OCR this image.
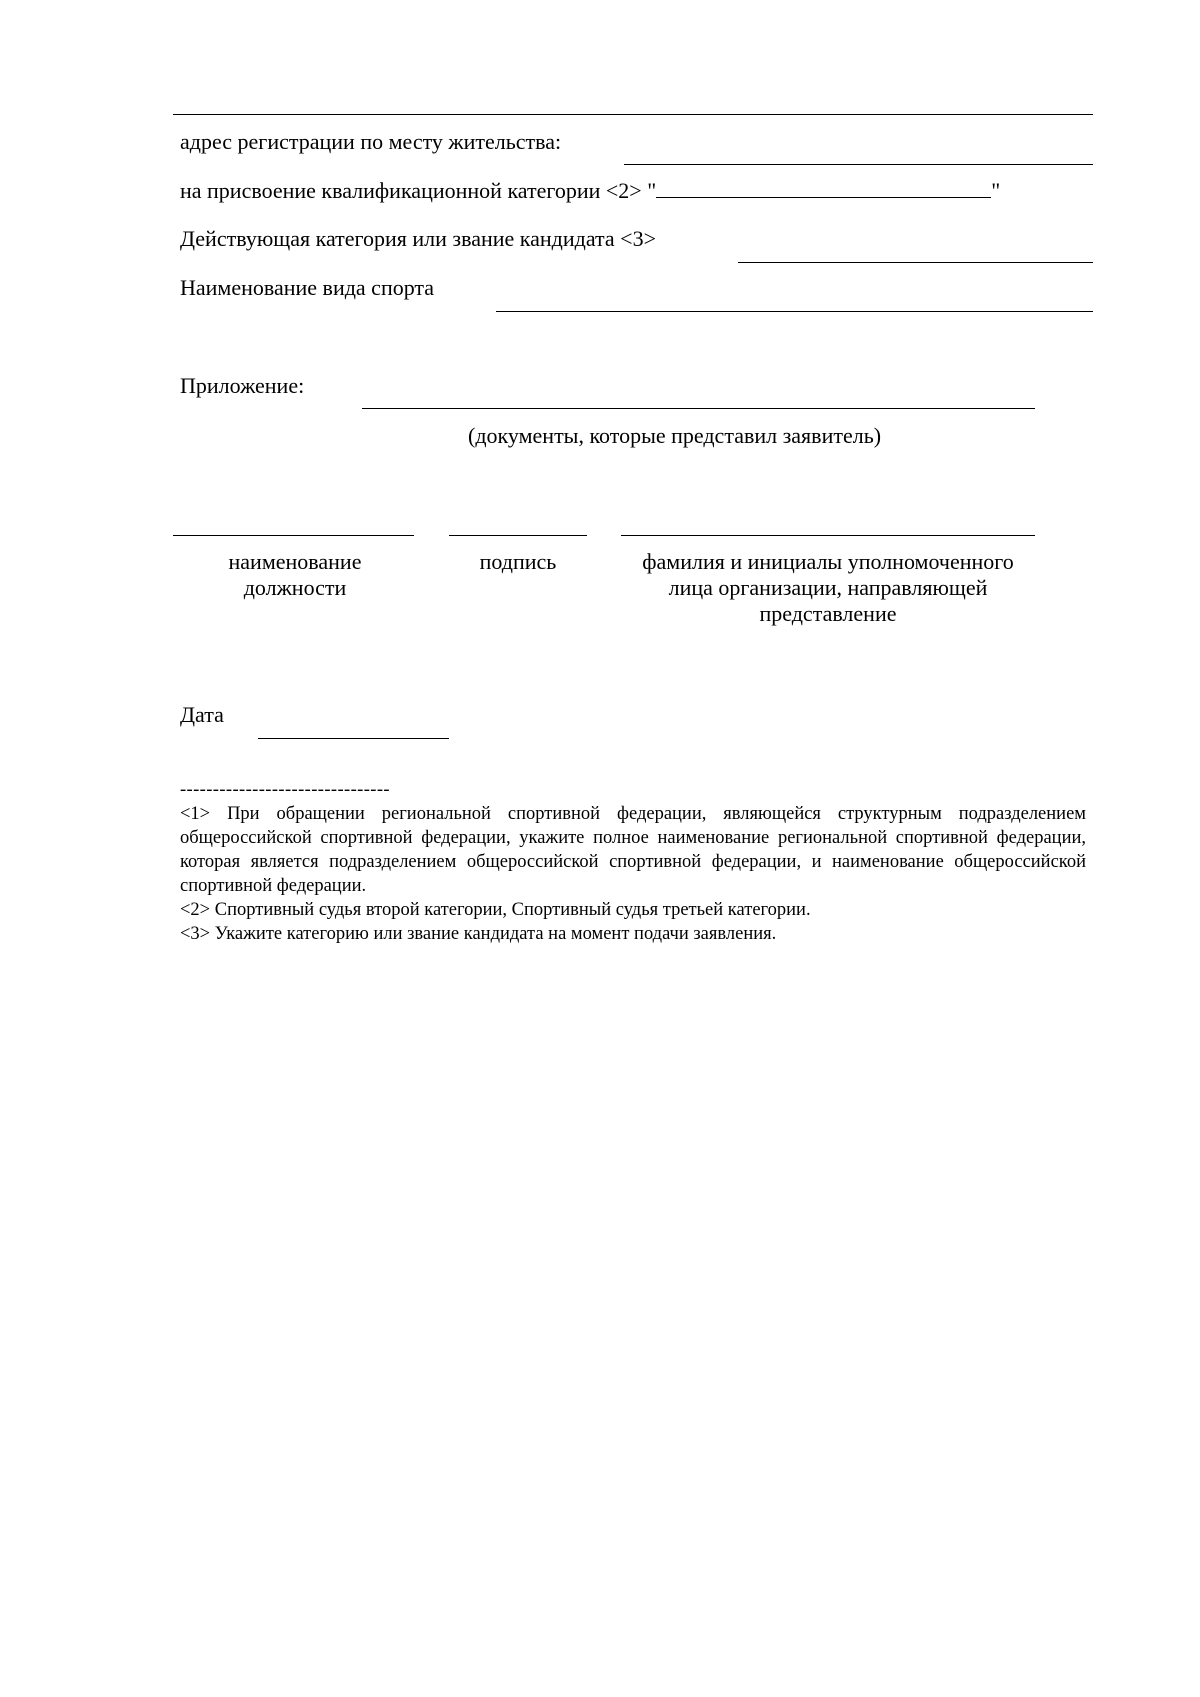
адрес регистрации по месту жительства:
на присвоение квалификационной категории <2> "	"
Действующая категория или звание кандидата <3>
Наименование вида спорта
Приложение:
(документы, которые представил заявитель)
наименование должности
подпись	фамилия и инициалы уполномоченного лица организации, направляющей представление
Дата

--------------------------------

<1> При обращении региональной спортивной федерации, являющейся структурным подразделением общероссийской спортивной федерации, укажите полное наименование региональной спортивной федерации, которая является подразделением общероссийской спортивной федерации, и наименование общероссийской спортивной федерации.

<2> Спортивный судья второй категории, Спортивный судья третьей категории.

<3> Укажите категорию или звание кандидата на момент подачи заявления.
